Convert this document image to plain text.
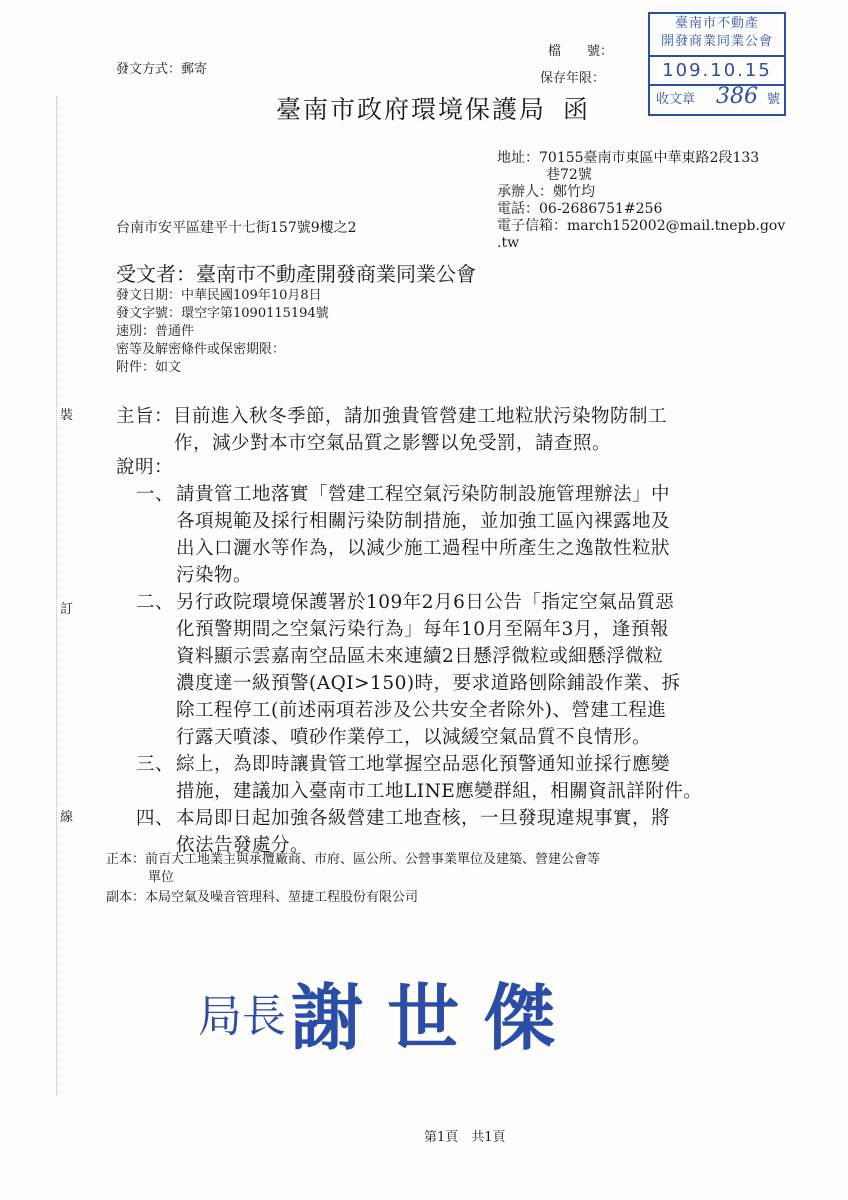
發文方式：郵寄
檔　　號：
保存年限：
臺南市政府環境保護局 函
臺南市不動產
開發商業同業公會
109.10.15
收文章 386 號
地址：70155臺南市東區中華東路2段133
巷72號
承辦人：鄭竹均
電話：06-2686751#256
電子信箱：march152002@mail.tnepb.gov
.tw
台南市安平區建平十七街157號9樓之2
受文者：臺南市不動產開發商業同業公會
發文日期：中華民國109年10月8日
發文字號：環空字第1090115194號
速別：普通件
密等及解密條件或保密期限：
附件：如文
裝
訂
線
主旨：目前進入秋冬季節，請加強貴管營建工地粒狀污染物防制工
作，減少對本市空氣品質之影響以免受罰，請查照。
說明：
一、 請貴管工地落實「營建工程空氣污染防制設施管理辦法」中
各項規範及採行相關污染防制措施，並加強工區內裸露地及
出入口灑水等作為，以減少施工過程中所產生之逸散性粒狀
污染物。
二、 另行政院環境保護署於109年2月6日公告「指定空氣品質惡
化預警期間之空氣污染行為」每年10月至隔年3月，逢預報
資料顯示雲嘉南空品區未來連續2日懸浮微粒或細懸浮微粒
濃度達一級預警(AQI>150)時，要求道路刨除鋪設作業、拆
除工程停工(前述兩項若涉及公共安全者除外)、營建工程進
行露天噴漆、噴砂作業停工，以減緩空氣品質不良情形。
三、 綜上，為即時讓貴管工地掌握空品惡化預警通知並採行應變
措施，建議加入臺南市工地LINE應變群組，相關資訊詳附件。
四、 本局即日起加強各級營建工地查核，一旦發現違規事實，將
依法告發處分。
正本：前百大工地業主與承攬廠商、市府、區公所、公營事業單位及建築、營建公會等
單位
副本：本局空氣及噪音管理科、堃捷工程股份有限公司
局長 謝世傑
第1頁　共1頁
